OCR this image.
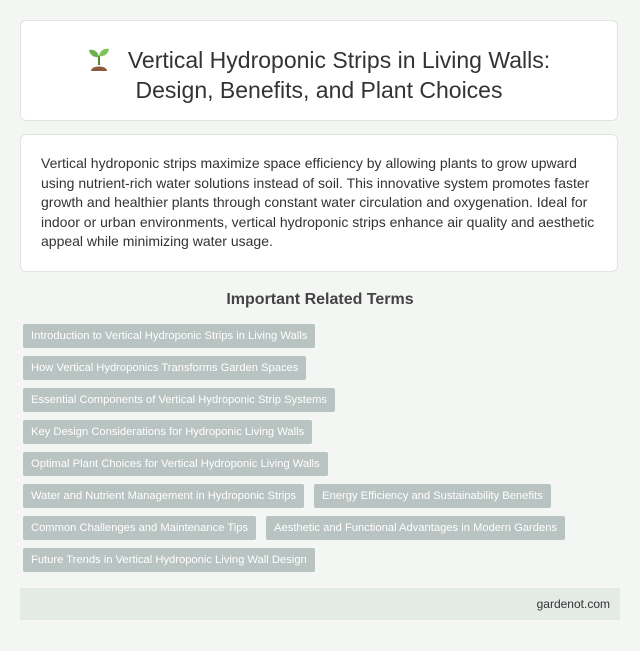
Vertical Hydroponic Strips in Living Walls:
Design, Benefits, and Plant Choices

Vertical hydroponic strips maximize space efficiency by allowing plants to grow upward using nutrient-rich water solutions instead of soil. This innovative system promotes faster growth and healthier plants through constant water circulation and oxygenation. Ideal for indoor or urban environments, vertical hydroponic strips enhance air quality and aesthetic appeal while minimizing water usage.

Important Related Terms
Introduction to Vertical Hydroponic Strips in Living Walls
How Vertical Hydroponics Transforms Garden Spaces
Essential Components of Vertical Hydroponic Strip Systems
Key Design Considerations for Hydroponic Living Walls
Optimal Plant Choices for Vertical Hydroponic Living Walls
Water and Nutrient Management in Hydroponic Strips	Energy Efficiency and Sustainability Benefits
Common Challenges and Maintenance Tips	Aesthetic and Functional Advantages in Modern Gardens
Future Trends in Vertical Hydroponic Living Wall Design
gardenot.com
